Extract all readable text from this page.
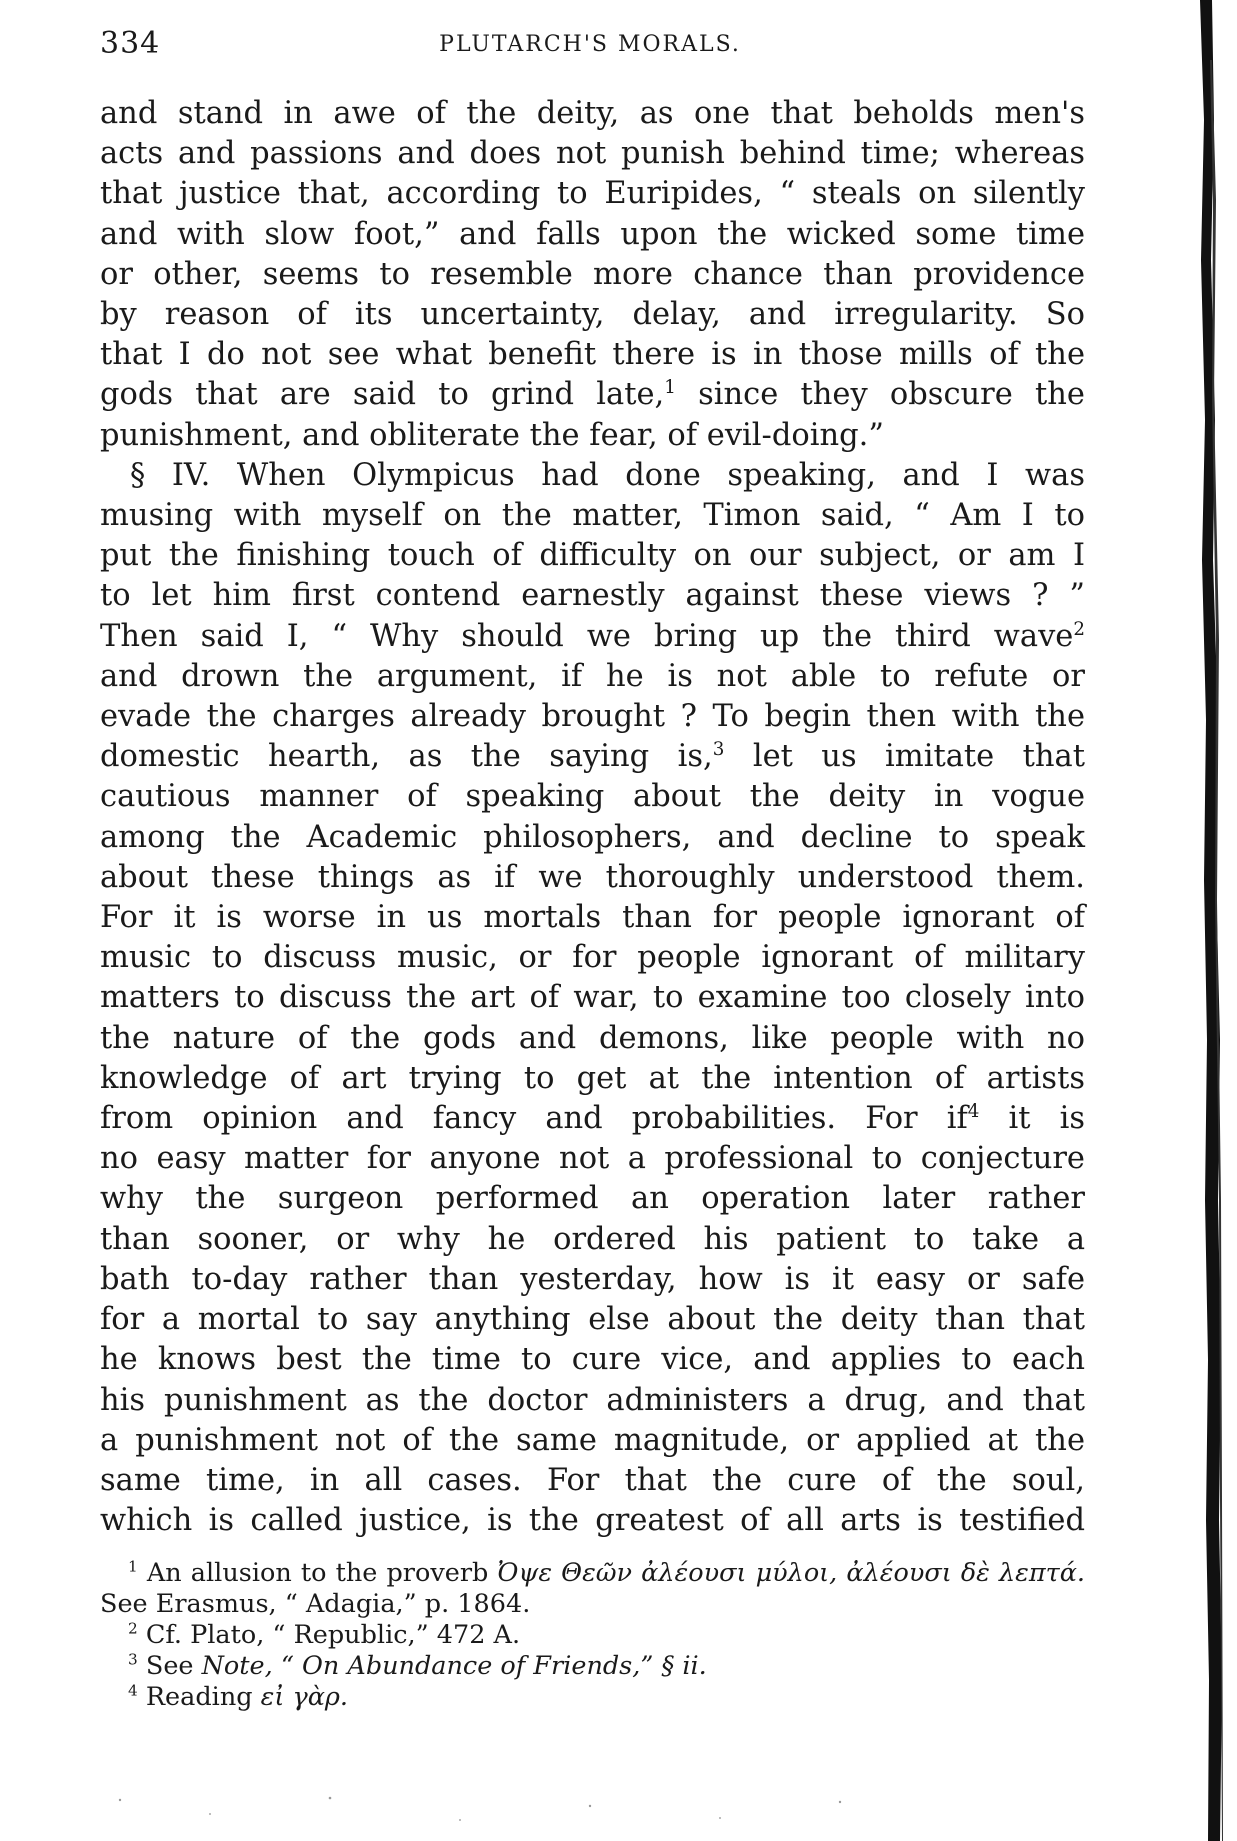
334	PLUTARCH'S MORALS.
and stand in awe of the deity, as one that beholds men's
acts and passions and does not punish behind time; whereas
that justice that, according to Euripides, “ steals on silently
and with slow foot,” and falls upon the wicked some time
or other, seems to resemble more chance than providence
by reason of its uncertainty, delay, and irregularity. So
that I do not see what benefit there is in those mills of the
gods that are said to grind late,$^1$ since they obscure the
punishment, and obliterate the fear, of evil-doing.”
§ IV. When Olympicus had done speaking, and I was
musing with myself on the matter, Timon said, “ Am I to
put the finishing touch of difficulty on our subject, or am I
to let him first contend earnestly against these views ? ”
Then said I, “ Why should we bring up the third wave$^2$
and drown the argument, if he is not able to refute or
evade the charges already brought ? To begin then with the
domestic hearth, as the saying is,$^3$ let us imitate that
cautious manner of speaking about the deity in vogue
among the Academic philosophers, and decline to speak
about these things as if we thoroughly understood them.
For it is worse in us mortals than for people ignorant of
music to discuss music, or for people ignorant of military
matters to discuss the art of war, to examine too closely into
the nature of the gods and demons, like people with no
knowledge of art trying to get at the intention of artists
from opinion and fancy and probabilities. For $if^4$ it is
no easy matter for anyone not a professional to conjecture
why the surgeon performed an operation later rather
than sooner, or why he ordered his patient to take a
bath to-day rather than yesterday, how is it easy or safe
for a mortal to say anything else about the deity than that
he knows best the time to cure vice, and applies to each
his punishment as the doctor administers a drug, and that
a punishment not of the same magnitude, or applied at the
same time, in all cases. For that the cure of the soul,
which is called justice, is the greatest of all arts is testified
$^1$ An allusion to the proverb Ὀψε Θεῶν ἀλέουσι μύλοι, ἀλέουσι δὲ λεπτά.
See Erasmus, “ Adagia,” p. 1864.
$^2$ Cf. Plato, “ Republic,” 472 A.
$^3$ See Note, “ On Abundance of Friends,” § ii.
$^4$ Reading εἰ γὰρ.
